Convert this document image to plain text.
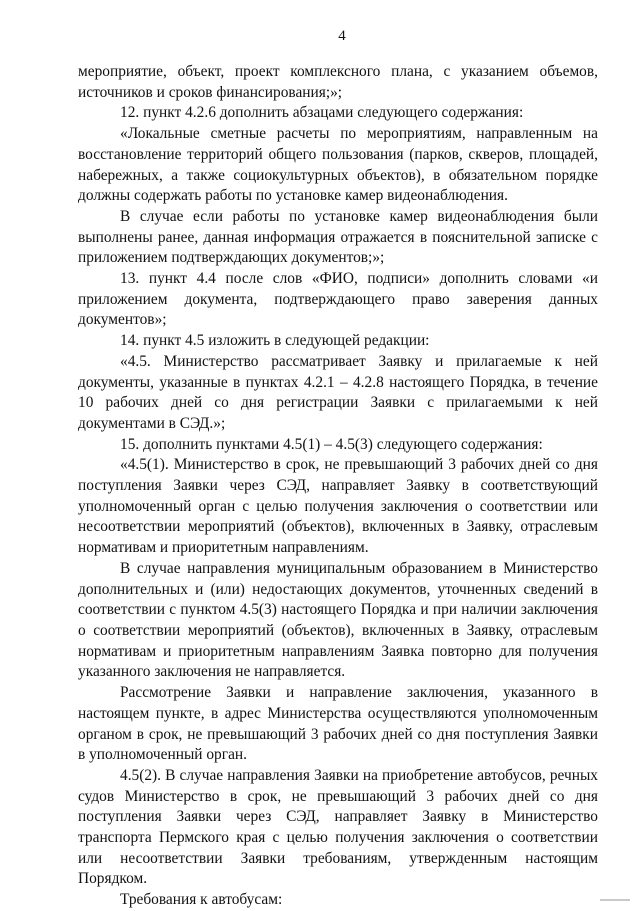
4

мероприятие, объект, проект комплексного плана, с указанием объемов, источников и сроков финансирования;»;

12. пункт 4.2.6 дополнить абзацами следующего содержания:

«Локальные сметные расчеты по мероприятиям, направленным на восстановление территорий общего пользования (парков, скверов, площадей, набережных, а также социокультурных объектов), в обязательном порядке должны содержать работы по установке камер видеонаблюдения.

В случае если работы по установке камер видеонаблюдения были выполнены ранее, данная информация отражается в пояснительной записке с приложением подтверждающих документов;»;

13. пункт 4.4 после слов «ФИО, подписи» дополнить словами «и приложением документа, подтверждающего право заверения данных документов»;

14. пункт 4.5 изложить в следующей редакции:

«4.5. Министерство рассматривает Заявку и прилагаемые к ней документы, указанные в пунктах 4.2.1 – 4.2.8 настоящего Порядка, в течение 10 рабочих дней со дня регистрации Заявки с прилагаемыми к ней документами в СЭД.»;

15. дополнить пунктами 4.5(1) – 4.5(3) следующего содержания:

«4.5(1). Министерство в срок, не превышающий 3 рабочих дней со дня поступления Заявки через СЭД, направляет Заявку в соответствующий уполномоченный орган с целью получения заключения о соответствии или несоответствии мероприятий (объектов), включенных в Заявку, отраслевым нормативам и приоритетным направлениям.

В случае направления муниципальным образованием в Министерство дополнительных и (или) недостающих документов, уточненных сведений в соответствии с пунктом 4.5(3) настоящего Порядка и при наличии заключения о соответствии мероприятий (объектов), включенных в Заявку, отраслевым нормативам и приоритетным направлениям Заявка повторно для получения указанного заключения не направляется.

Рассмотрение Заявки и направление заключения, указанного в настоящем пункте, в адрес Министерства осуществляются уполномоченным органом в срок, не превышающий 3 рабочих дней со дня поступления Заявки в уполномоченный орган.

4.5(2). В случае направления Заявки на приобретение автобусов, речных судов Министерство в срок, не превышающий 3 рабочих дней со дня поступления Заявки через СЭД, направляет Заявку в Министерство транспорта Пермского края с целью получения заключения о соответствии или несоответствии Заявки требованиям, утвержденным настоящим Порядком.

Требования к автобусам:
